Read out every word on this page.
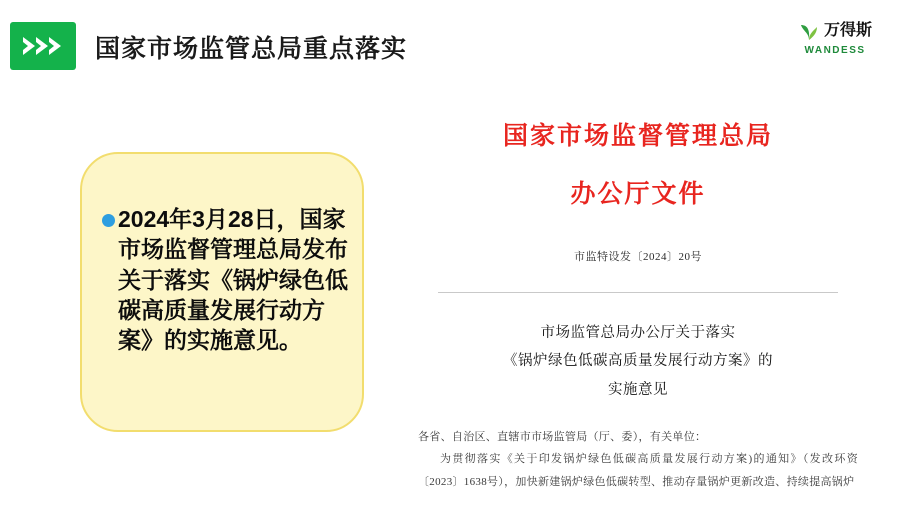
国家市场监管总局重点落实
万得斯
WANDESS
2024年3月28日，国家市场监督管理总局发布关于落实《锅炉绿色低碳高质量发展行动方案》的实施意见。
国家市场监督管理总局
办公厅文件
市监特设发〔2024〕20号
市场监管总局办公厅关于落实
《锅炉绿色低碳高质量发展行动方案》的
实施意见
各省、自治区、直辖市市场监管局（厅、委），有关单位：
为贯彻落实《关于印发锅炉绿色低碳高质量发展行动方案)的通知》（发改环资〔2023〕1638号），加快新建锅炉绿色低碳转型、推动存量锅炉更新改造、持续提高锅炉
